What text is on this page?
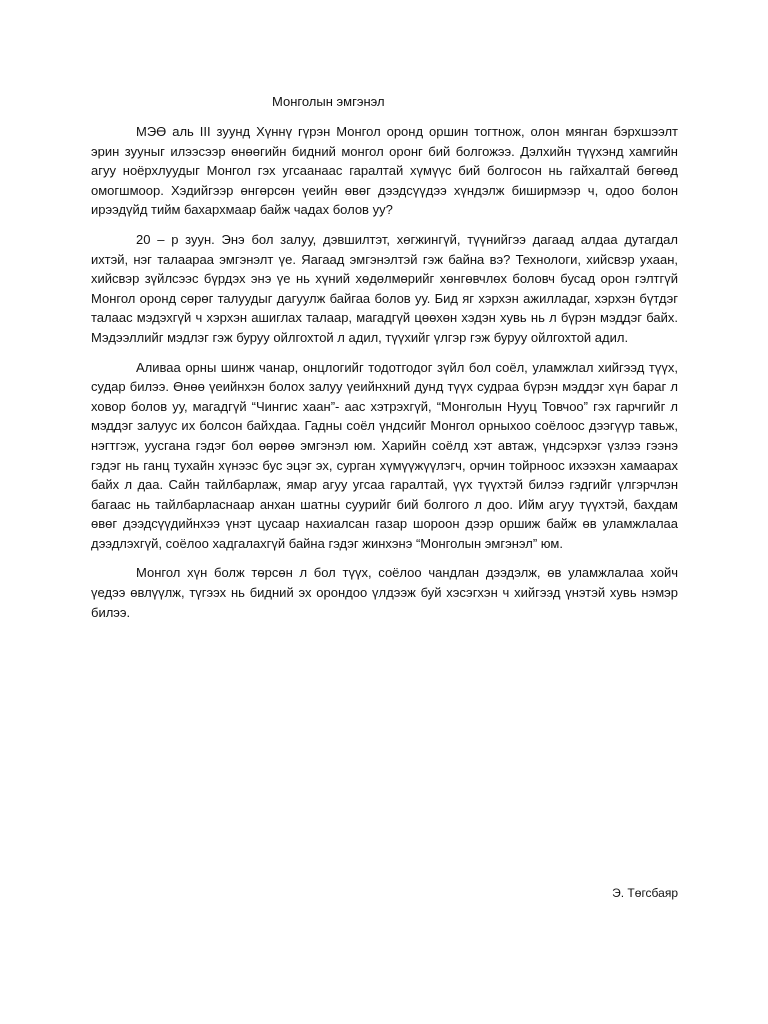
Монголын эмгэнэл

МЭӨ аль III зуунд Хүннү гүрэн Монгол оронд оршин тогтнож, олон мянган бэрхшээлт эрин зууныг илээсээр өнөөгийн бидний монгол оронг бий болгожээ. Дэлхийн түүхэнд хамгийн агуу ноёрхлуудыг Монгол гэх угсаанаас гаралтай хүмүүс бий болгосон нь гайхалтай бөгөөд омогшмоор. Хэдийгээр өнгөрсөн үеийн өвөг дээдсүүдээ хүндэлж биширмээр ч, одоо болон ирээдүйд тийм бахархмаар байж чадах болов уу?

20 – р зуун. Энэ бол залуу, дэвшилтэт, хөгжингүй, түүнийгээ дагаад алдаа дутагдал ихтэй, нэг талаараа эмгэнэлт үе. Яагаад эмгэнэлтэй гэж байна вэ? Технологи, хийсвэр ухаан, хийсвэр зүйлсээс бүрдэх энэ үе нь хүний хөдөлмөрийг хөнгөвчлөх боловч бусад орон гэлтгүй Монгол оронд сөрөг талуудыг дагуулж байгаа болов уу. Бид яг хэрхэн ажилладаг, хэрхэн бүтдэг талаас мэдэхгүй ч хэрхэн ашиглах талаар, магадгүй цөөхөн хэдэн хувь нь л бүрэн мэддэг байх. Мэдээллийг мэдлэг гэж буруу ойлгохтой л адил, түүхийг үлгэр гэж буруу ойлгохтой адил.

Аливаа орны шинж чанар, онцлогийг тодотгодог зүйл бол соёл, уламжлал хийгээд түүх, судар билээ. Өнөө үеийнхэн болох залуу үеийнхний дунд түүх судраа бүрэн мэддэг хүн бараг л ховор болов уу, магадгүй “Чингис хаан”- аас хэтрэхгүй, “Монголын Нууц Товчоо” гэх гарчгийг л мэддэг залуус их болсон байхдаа. Гадны соёл үндсийг Монгол орныхоо соёлоос дээгүүр тавьж, нэгтгэж, уусгана гэдэг бол өөрөө эмгэнэл юм. Харийн соёлд хэт автаж, үндсэрхэг үзлээ гээнэ гэдэг нь ганц тухайн хүнээс бус эцэг эх, сурган хүмүүжүүлэгч, орчин тойрноос ихээхэн хамаарах байх л даа. Сайн тайлбарлаж, ямар агуу угсаа гаралтай, үүх түүхтэй билээ гэдгийг үлгэрчлэн багаас нь тайлбарласнаар анхан шатны суурийг бий болгого л доо. Ийм агуу түүхтэй, бахдам өвөг дээдсүүдийнхээ үнэт цусаар нахиалсан газар шороон дээр оршиж байж өв уламжлалаа дээдлэхгүй, соёлоо хадгалахгүй байна гэдэг жинхэнэ “Монголын эмгэнэл” юм.

Монгол хүн болж төрсөн л бол түүх, соёлоо чандлан дээдэлж, өв уламжлалаа хойч үедээ өвлүүлж, түгээх нь бидний эх орондоо үлдээж буй хэсэгхэн ч хийгээд үнэтэй хувь нэмэр билээ.

Э. Төгсбаяр
